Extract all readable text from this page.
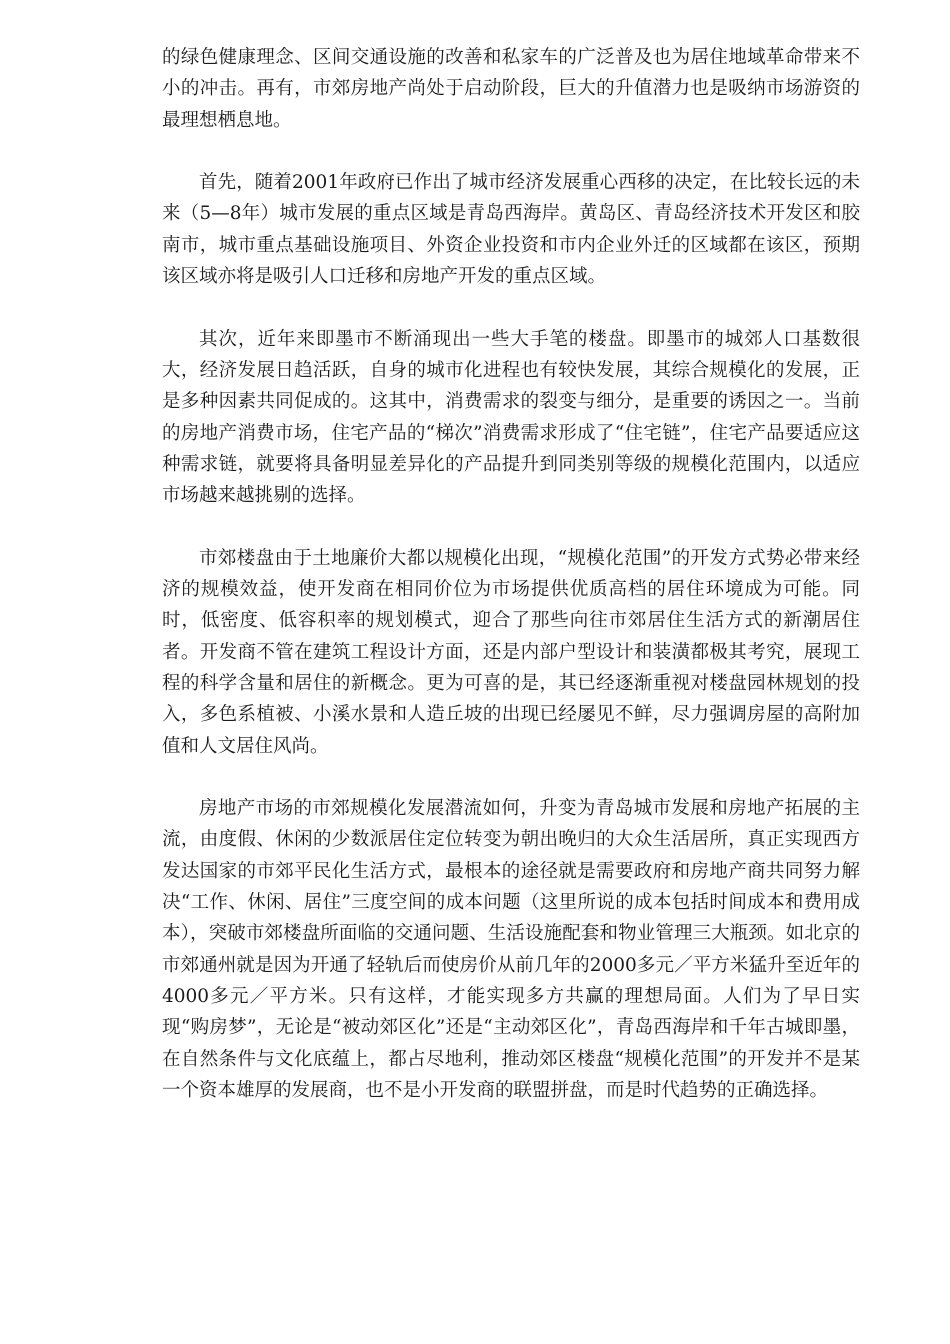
的绿色健康理念、区间交通设施的改善和私家车的广泛普及也为居住地域革命带来不小的冲击。再有，市郊房地产尚处于启动阶段，巨大的升值潜力也是吸纳市场游资的最理想栖息地。

首先，随着2001年政府已作出了城市经济发展重心西移的决定，在比较长远的未来（5—8年）城市发展的重点区域是青岛西海岸。黄岛区、青岛经济技术开发区和胶南市，城市重点基础设施项目、外资企业投资和市内企业外迁的区域都在该区，预期该区域亦将是吸引人口迁移和房地产开发的重点区域。

其次，近年来即墨市不断涌现出一些大手笔的楼盘。即墨市的城郊人口基数很大，经济发展日趋活跃，自身的城市化进程也有较快发展，其综合规模化的发展，正是多种因素共同促成的。这其中，消费需求的裂变与细分，是重要的诱因之一。当前的房地产消费市场，住宅产品的“梯次”消费需求形成了“住宅链”，住宅产品要适应这种需求链，就要将具备明显差异化的产品提升到同类别等级的规模化范围内，以适应市场越来越挑剔的选择。

市郊楼盘由于土地廉价大都以规模化出现，“规模化范围”的开发方式势必带来经济的规模效益，使开发商在相同价位为市场提供优质高档的居住环境成为可能。同时，低密度、低容积率的规划模式，迎合了那些向往市郊居住生活方式的新潮居住者。开发商不管在建筑工程设计方面，还是内部户型设计和装潢都极其考究，展现工程的科学含量和居住的新概念。更为可喜的是，其已经逐渐重视对楼盘园林规划的投入，多色系植被、小溪水景和人造丘坡的出现已经屡见不鲜，尽力强调房屋的高附加值和人文居住风尚。

房地产市场的市郊规模化发展潜流如何，升变为青岛城市发展和房地产拓展的主流，由度假、休闲的少数派居住定位转变为朝出晚归的大众生活居所，真正实现西方发达国家的市郊平民化生活方式，最根本的途径就是需要政府和房地产商共同努力解决“工作、休闲、居住”三度空间的成本问题（这里所说的成本包括时间成本和费用成本），突破市郊楼盘所面临的交通问题、生活设施配套和物业管理三大瓶颈。如北京的市郊通州就是因为开通了轻轨后而使房价从前几年的2000多元／平方米猛升至近年的4000多元／平方米。只有这样，才能实现多方共赢的理想局面。人们为了早日实现“购房梦”，无论是“被动郊区化”还是“主动郊区化”，青岛西海岸和千年古城即墨，在自然条件与文化底蕴上，都占尽地利，推动郊区楼盘“规模化范围”的开发并不是某一个资本雄厚的发展商，也不是小开发商的联盟拼盘，而是时代趋势的正确选择。
